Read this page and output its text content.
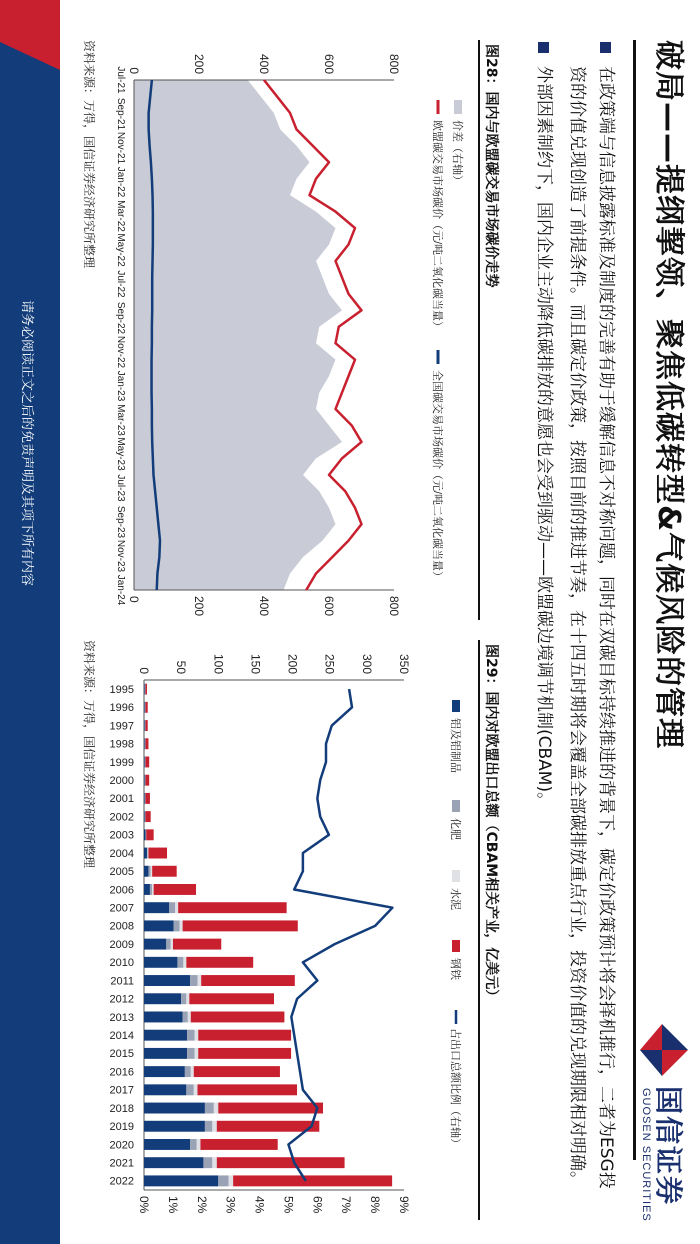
破局——提纲挈领、聚焦低碳转型&气候风险的管理
国信证券
GUOSEN SECURITIES
在政策端与信息披露标准及制度的完善有助于缓解信息不对称问题，同时在双碳目标持续推进的背景下，碳定价政策预计将会择机推行，二者为ESG投资的价值兑现创造了前提条件。而且碳定价政策，按照目前的推进节奏，在十四五时期将会覆盖全部碳排放重点行业，投资价值的兑现期限相对明确。
外部因素制约下，国内企业主动降低碳排放的意愿也会受到驱动——欧盟碳边境调节机制(CBAM)。
图28：国内与欧盟碳交易市场碳价走势
价差（右轴）
欧盟碳交易市场碳价（元/吨二氧化碳当量）
全国碳交易市场碳价（元/吨二氧化碳当量）
0	200	400	600	800
0	200	400	600	800
Jul-21
Sep-21
Nov-21
Jan-22
Mar-22
May-22
Jul-22
Sep-22
Nov-22
Jan-23
Mar-23
May-23
Jul-23
Sep-23
Nov-23
Jan-24
资料来源：万得，国信证券经济研究所整理
图29：国内对欧盟出口总额（CBAM相关产业，亿美元）
铝及铝制品
化肥
水泥
钢铁
占出口总额比例（右轴）
0 50 100 150 200 250 300 350
0% 1% 2% 3% 4% 5% 6% 7% 8% 9%
1995
1996
1997
1998
1999
2000
2001
2002
2003
2004
2005
2006
2007
2008
2009
2010
2011
2012
2013
2014
2015
2016
2017
2018
2019
2020
2021
2022
资料来源：万得，国信证券经济研究所整理
请务必阅读正文之后的免责声明及其项下所有内容
